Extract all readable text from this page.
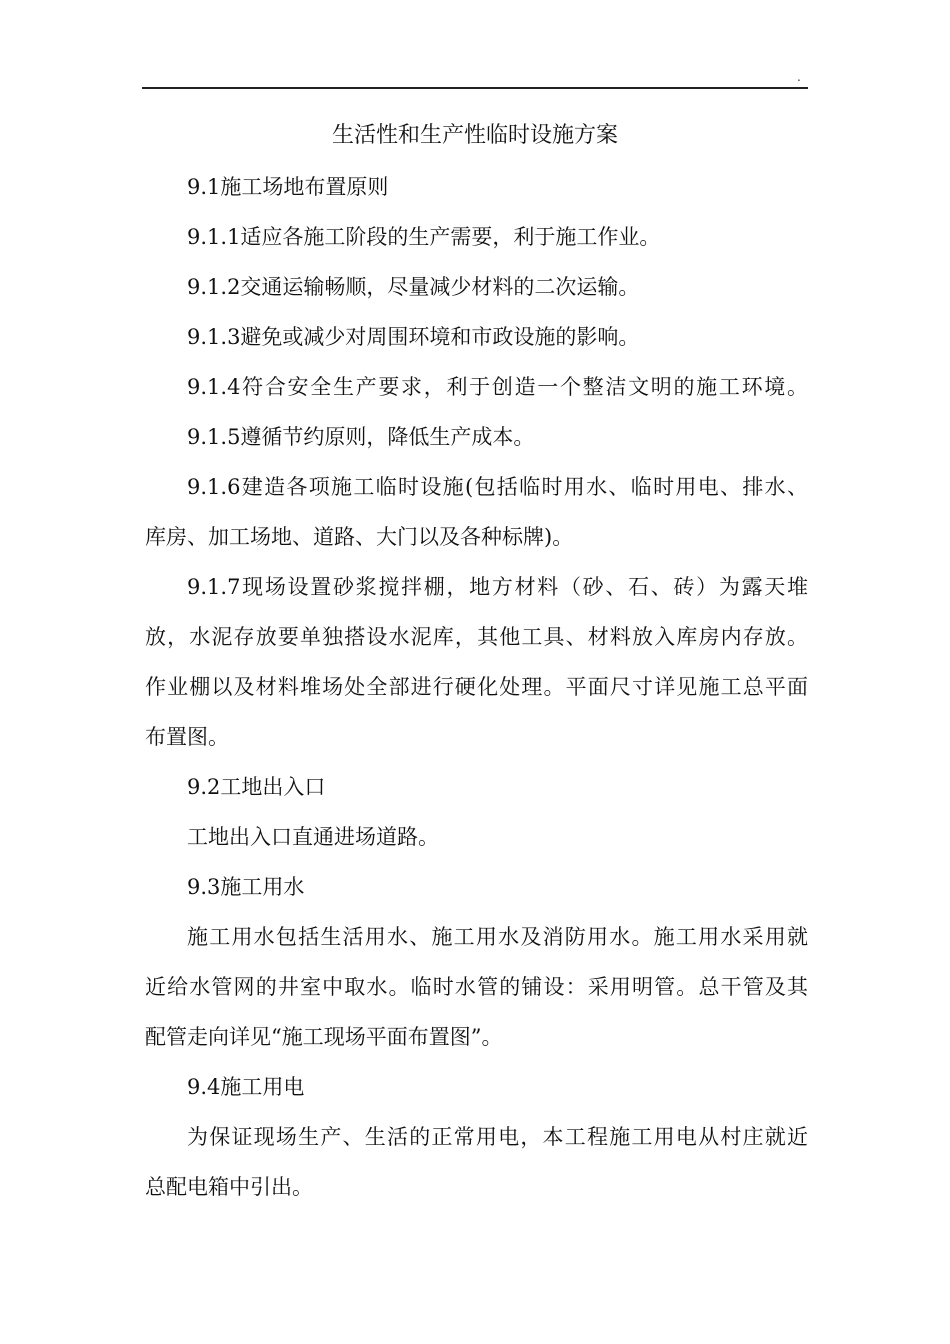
.
生活性和生产性临时设施方案
9.1施工场地布置原则
9.1.1适应各施工阶段的生产需要，利于施工作业。
9.1.2交通运输畅顺，尽量减少材料的二次运输。
9.1.3避免或减少对周围环境和市政设施的影响。
9.1.4符合安全生产要求，利于创造一个整洁文明的施工环境。
9.1.5遵循节约原则，降低生产成本。
9.1.6建造各项施工临时设施(包括临时用水、临时用电、排水、
库房、加工场地、道路、大门以及各种标牌)。
9.1.7现场设置砂浆搅拌棚，地方材料（砂、石、砖）为露天堆
放，水泥存放要单独搭设水泥库，其他工具、材料放入库房内存放。
作业棚以及材料堆场处全部进行硬化处理。平面尺寸详见施工总平面
布置图。
9.2工地出入口
工地出入口直通进场道路。
9.3施工用水
施工用水包括生活用水、施工用水及消防用水。施工用水采用就
近给水管网的井室中取水。临时水管的铺设：采用明管。总干管及其
配管走向详见“施工现场平面布置图”。
9.4施工用电
为保证现场生产、生活的正常用电，本工程施工用电从村庄就近
总配电箱中引出。
